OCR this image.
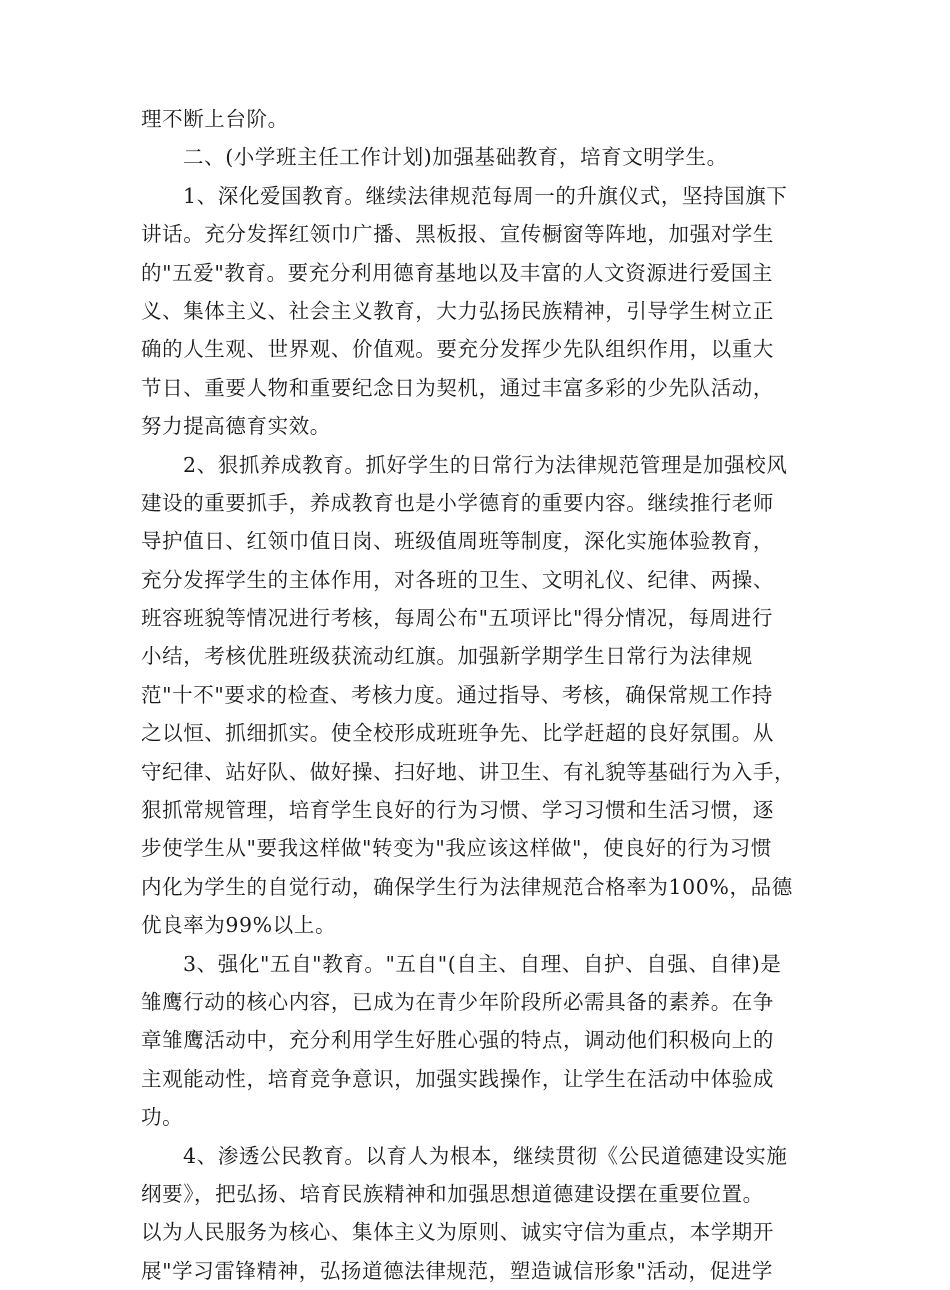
理不断上台阶。
二、(小学班主任工作计划)加强基础教育，培育文明学生。
1、深化爱国教育。继续法律规范每周一的升旗仪式，坚持国旗下
讲话。充分发挥红领巾广播、黑板报、宣传橱窗等阵地，加强对学生
的"五爱"教育。要充分利用德育基地以及丰富的人文资源进行爱国主
义、集体主义、社会主义教育，大力弘扬民族精神，引导学生树立正
确的人生观、世界观、价值观。要充分发挥少先队组织作用，以重大
节日、重要人物和重要纪念日为契机，通过丰富多彩的少先队活动，
努力提高德育实效。
2、狠抓养成教育。抓好学生的日常行为法律规范管理是加强校风
建设的重要抓手，养成教育也是小学德育的重要内容。继续推行老师
导护值日、红领巾值日岗、班级值周班等制度，深化实施体验教育，
充分发挥学生的主体作用，对各班的卫生、文明礼仪、纪律、两操、
班容班貌等情况进行考核，每周公布"五项评比"得分情况，每周进行
小结，考核优胜班级获流动红旗。加强新学期学生日常行为法律规
范"十不"要求的检查、考核力度。通过指导、考核，确保常规工作持
之以恒、抓细抓实。使全校形成班班争先、比学赶超的良好氛围。从
守纪律、站好队、做好操、扫好地、讲卫生、有礼貌等基础行为入手，
狠抓常规管理，培育学生良好的行为习惯、学习习惯和生活习惯，逐
步使学生从"要我这样做"转变为"我应该这样做"，使良好的行为习惯
内化为学生的自觉行动，确保学生行为法律规范合格率为100%，品德
优良率为99%以上。
3、强化"五自"教育。"五自"(自主、自理、自护、自强、自律)是
雏鹰行动的核心内容，已成为在青少年阶段所必需具备的素养。在争
章雏鹰活动中，充分利用学生好胜心强的特点，调动他们积极向上的
主观能动性，培育竞争意识，加强实践操作，让学生在活动中体验成
功。
4、渗透公民教育。以育人为根本，继续贯彻《公民道德建设实施
纲要》，把弘扬、培育民族精神和加强思想道德建设摆在重要位置。
以为人民服务为核心、集体主义为原则、诚实守信为重点，本学期开
展"学习雷锋精神，弘扬道德法律规范，塑造诚信形象"活动，促进学
